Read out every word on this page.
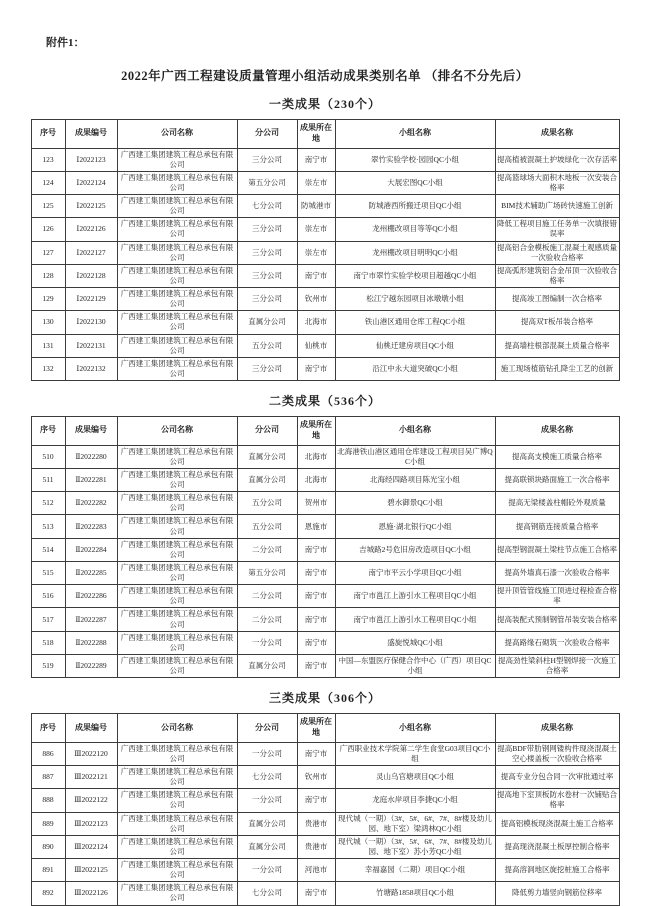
附件1：

2022年广西工程建设质量管理小组活动成果类别名单 （排名不分先后）

一类成果（230个）

序号	成果编号	公司名称	分公司	成果所在地	小组名称	成果名称
123	Ⅰ2022123	广西建工集团建筑工程总承包有限公司	三分公司	南宁市	翠竹实验学校·园园QC小组	提高植被混凝土护坡绿化一次存活率
124	Ⅰ2022124	广西建工集团建筑工程总承包有限公司	第五分公司	崇左市	大展宏图QC小组	提高篮球场大面积木地板一次安装合格率
125	Ⅰ2022125	广西建工集团建筑工程总承包有限公司	七分公司	防城港市	防城港西所搬迁项目QC小组	BIM技术辅助广场砖快速施工创新
126	Ⅰ2022126	广西建工集团建筑工程总承包有限公司	三分公司	崇左市	龙州棚改项目等等QC小组	降低工程项目施工任务单一次填报错误率
127	Ⅰ2022127	广西建工集团建筑工程总承包有限公司	三分公司	崇左市	龙州棚改项目明明QC小组	提高铝合金模板施工混凝土观感质量一次验收合格率
128	Ⅰ2022128	广西建工集团建筑工程总承包有限公司	三分公司	南宁市	南宁市翠竹实验学校项目超越QC小组	提高弧形建筑铝合金吊顶一次验收合格率
129	Ⅰ2022129	广西建工集团建筑工程总承包有限公司	三分公司	钦州市	松江宁越东园项目冰墩墩小组	提高竣工图编制一次合格率
130	Ⅰ2022130	广西建工集团建筑工程总承包有限公司	直属分公司	北海市	铁山港区通用仓库工程QC小组	提高双T板吊装合格率
131	Ⅰ2022131	广西建工集团建筑工程总承包有限公司	五分公司	仙桃市	仙桃迁建房项目QC小组	提高墙柱根部混凝土质量合格率
132	Ⅰ2022132	广西建工集团建筑工程总承包有限公司	三分公司	南宁市	沿江中永大道突破QC小组	施工现场植筋钻孔降尘工艺的创新

二类成果（536个）

序号	成果编号	公司名称	分公司	成果所在地	小组名称	成果名称
510	Ⅱ2022280	广西建工集团建筑工程总承包有限公司	直属分公司	北海市	北海港铁山港区通用仓库建设工程项目吴广博QC小组	提高高支模施工质量合格率
511	Ⅱ2022281	广西建工集团建筑工程总承包有限公司	直属分公司	北海市	北海经四路项目陈光宝小组	提高联锁块路面施工一次合格率
512	Ⅱ2022282	广西建工集团建筑工程总承包有限公司	五分公司	贺州市	碧水御景QC小组	提高无梁楼盖柱帽砼外观质量
513	Ⅱ2022283	广西建工集团建筑工程总承包有限公司	五分公司	恩施市	恩施·湖北银行QC小组	提高钢筋连接质量合格率
514	Ⅱ2022284	广西建工集团建筑工程总承包有限公司	二分公司	南宁市	吉城路2号危旧房改造项目QC小组	提高型钢混凝土梁柱节点施工合格率
515	Ⅱ2022285	广西建工集团建筑工程总承包有限公司	第五分公司	南宁市	南宁市平云小学项目QC小组	提高外墙真石漆一次验收合格率
516	Ⅱ2022286	广西建工集团建筑工程总承包有限公司	二分公司	南宁市	南宁市邕江上游引水工程项目QC小组	提升顶管管线施工顶进过程检查合格率
517	Ⅱ2022287	广西建工集团建筑工程总承包有限公司	二分公司	南宁市	南宁市邕江上游引水工程项目QC小组	提高装配式预制钢管吊装安装合格率
518	Ⅱ2022288	广西建工集团建筑工程总承包有限公司	一分公司	南宁市	盛旋悦城QC小组	提高路缘石砌筑一次验收合格率
519	Ⅱ2022289	广西建工集团建筑工程总承包有限公司	直属分公司	南宁市	中国—东盟医疗保健合作中心（广西）项目QC小组	提高劲性梁斜柱H型钢焊接一次施工合格率

三类成果（306个）

序号	成果编号	公司名称	分公司	成果所在地	小组名称	成果名称
886	Ⅲ2022120	广西建工集团建筑工程总承包有限公司	一分公司	南宁市	广西职业技术学院第二学生食堂G03项目QC小组	提高BDF带肋钢网镂构件现浇混凝土空心楼盖板一次验收合格率
887	Ⅲ2022121	广西建工集团建筑工程总承包有限公司	七分公司	钦州市	灵山乌官塘项目QC小组	提高专业分包合同一次审批通过率
888	Ⅲ2022122	广西建工集团建筑工程总承包有限公司	一分公司	南宁市	龙庭水岸项目李捷QC小组	提高地下室顶板防水卷材一次铺贴合格率
889	Ⅲ2022123	广西建工集团建筑工程总承包有限公司	直属分公司	贵港市	现代城（一期）（3#、5#、6#、7#、8#楼及幼儿园、地下室）梁鸿林QC小组	提高铝模板现浇混凝土施工合格率
890	Ⅲ2022124	广西建工集团建筑工程总承包有限公司	直属分公司	贵港市	现代城（一期）（3#、5#、6#、7#、8#楼及幼儿园、地下室）苏小芳QC小组	提高现浇混凝土板厚控制合格率
891	Ⅲ2022125	广西建工集团建筑工程总承包有限公司	一分公司	河池市	幸福嘉园（二期）项目QC小组	提高溶洞地区旋挖桩施工合格率
892	Ⅲ2022126	广西建工集团建筑工程总承包有限公司	七分公司	南宁市	竹塘路1858项目QC小组	降低剪力墙竖向钢筋位移率
